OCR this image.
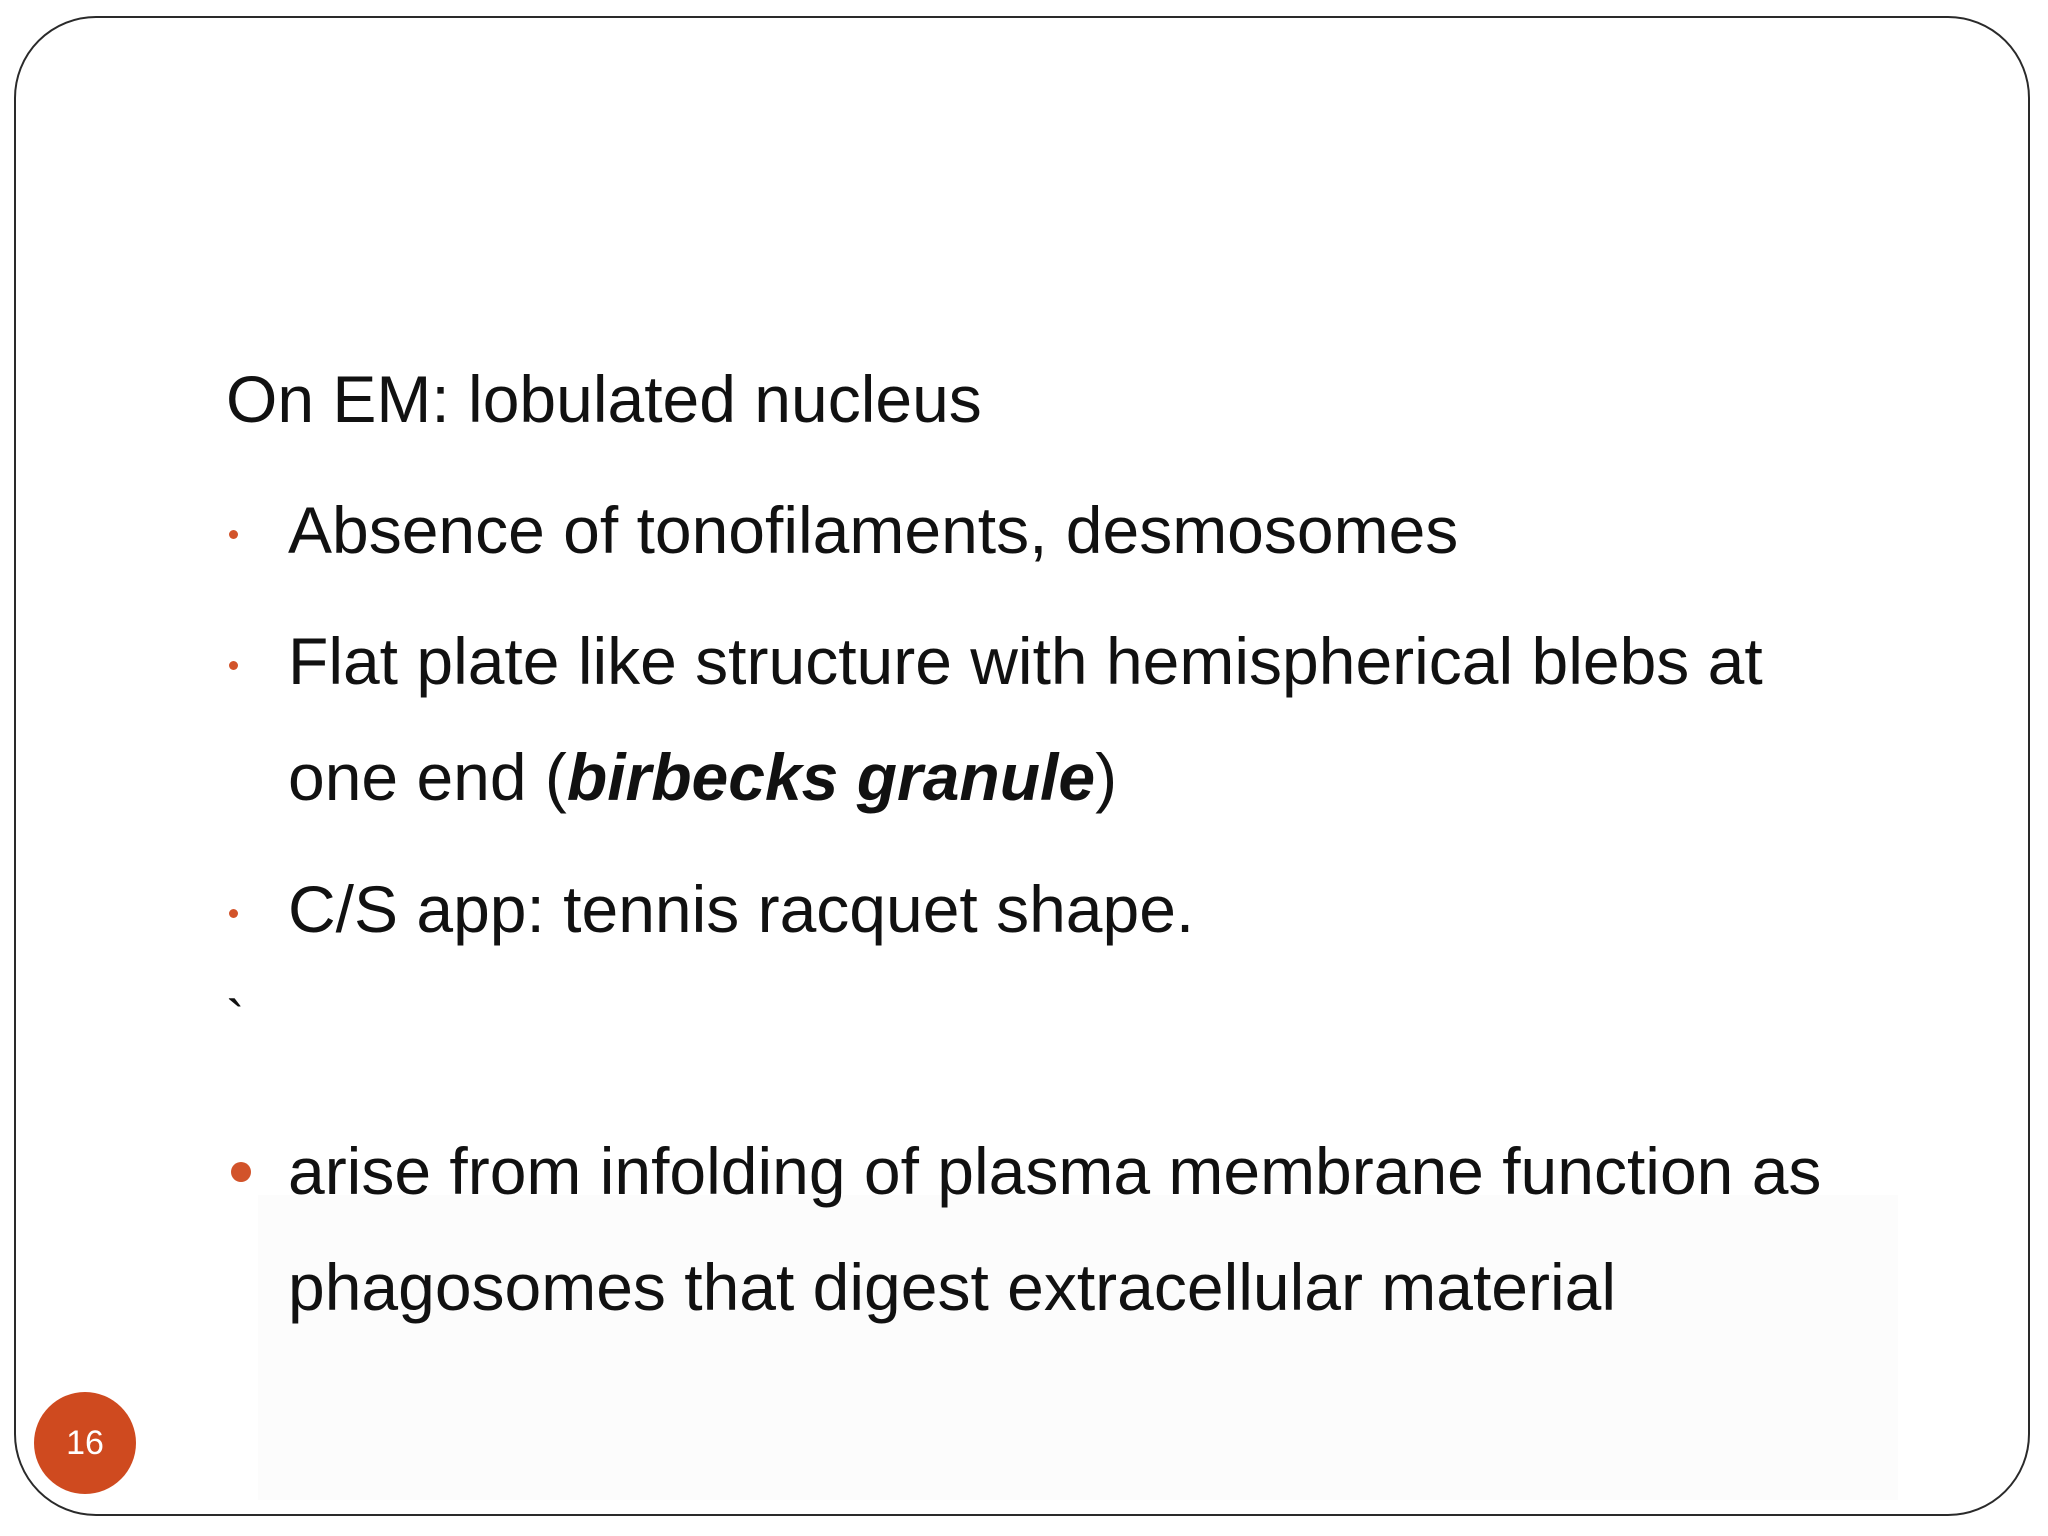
On EM: lobulated nucleus
Absence of tonofilaments, desmosomes
Flat plate like structure with hemispherical blebs at
one end (birbecks granule)
C/S app: tennis racquet shape.
`
arise from infolding of plasma membrane function as
phagosomes that digest extracellular material
16
